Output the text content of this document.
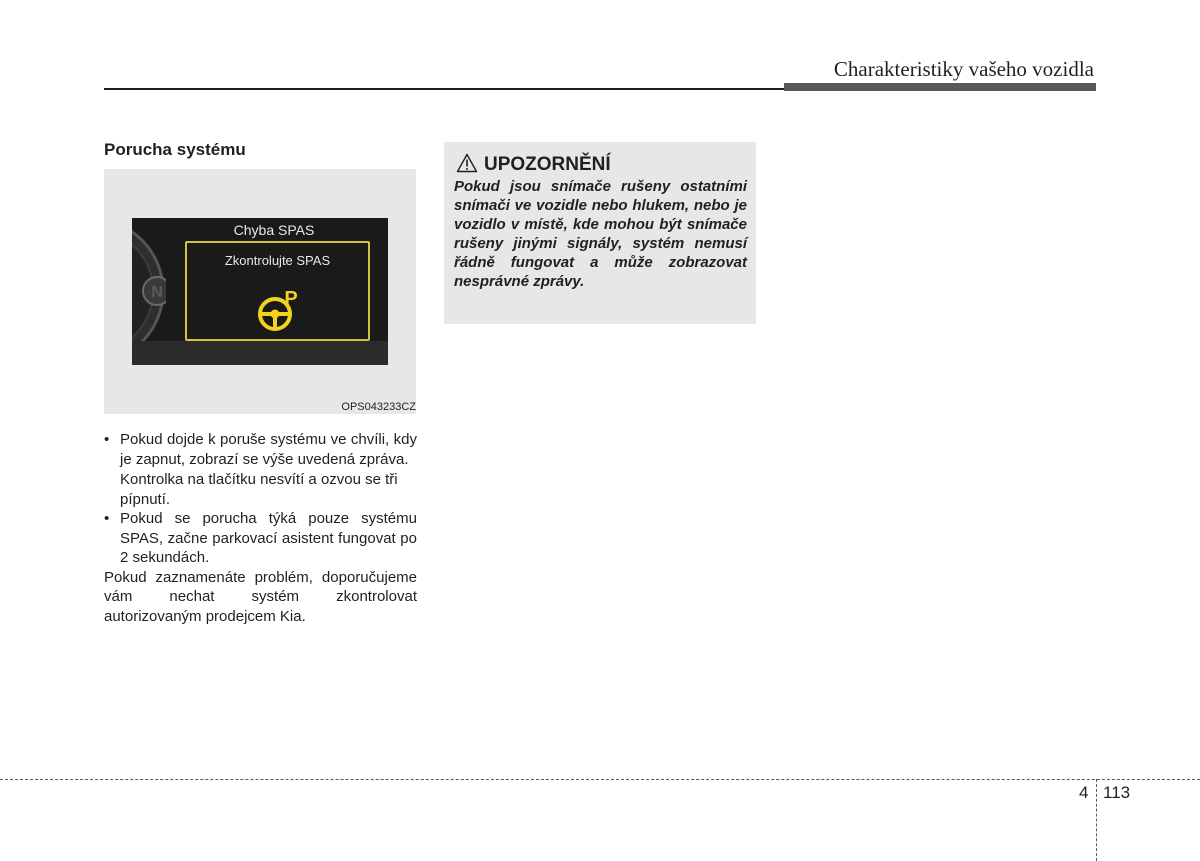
Charakteristiky vašeho vozidla
Porucha systému
N
Chyba SPAS
Zkontrolujte SPAS
P
OPS043233CZ
• Pokud dojde k poruše systému ve chvíli, kdy je zapnut, zobrazí se výše uvedená zpráva.
Kontrolka na tlačítku nesvítí a ozvou se tři pípnutí.
• Pokud se porucha týká pouze systému SPAS, začne parkovací asistent fungovat po 2 sekundách.
Pokud zaznamenáte problém, doporučujeme vám nechat systém zkontrolovat autorizovaným prodejcem Kia.
UPOZORNĚNÍ
Pokud jsou snímače rušeny ostatními snímači ve vozidle nebo hlukem, nebo je vozidlo v místě, kde mohou být snímače rušeny jinými signály, systém nemusí řádně fungovat a může zobrazovat nesprávné zprávy.
4 113
